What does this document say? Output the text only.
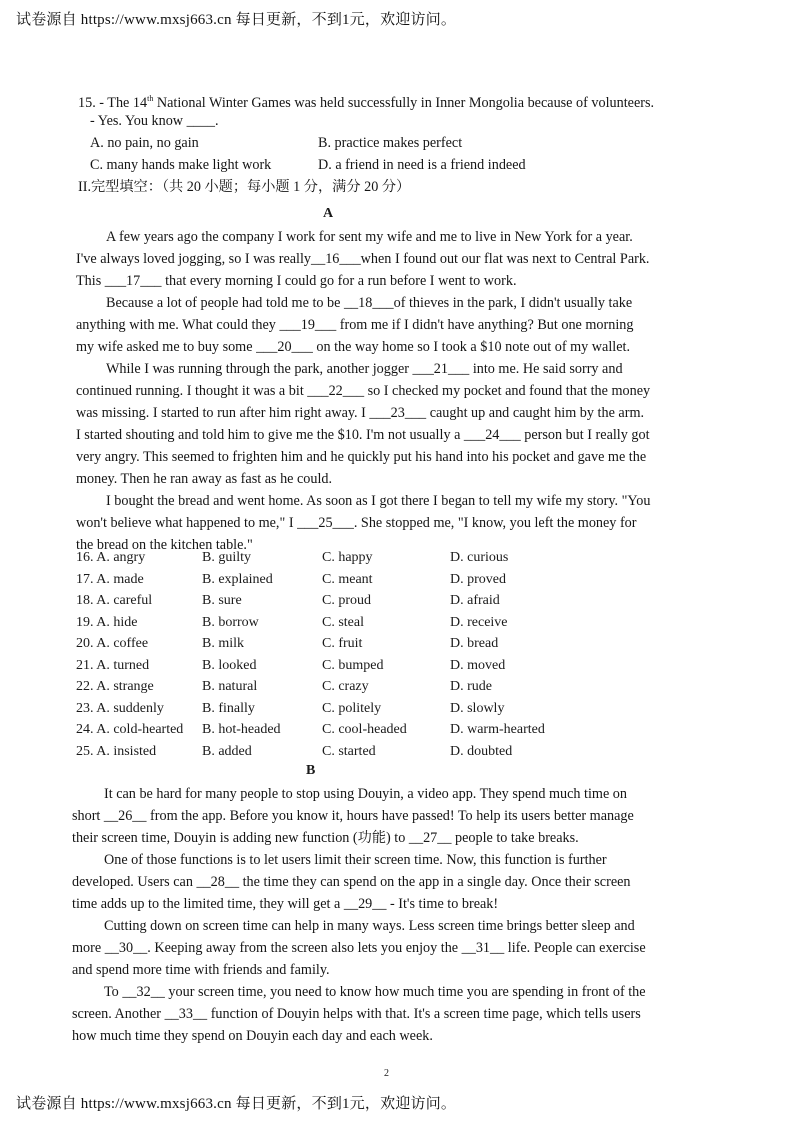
试卷源自 https://www.mxsj663.cn 每日更新，不到1元，欢迎访问。
15. - The 14th National Winter Games was held successfully in Inner Mongolia because of volunteers.
- Yes. You know ____.
A. no pain, no gain	B. practice makes perfect
C. many hands make light work	D. a friend in need is a friend indeed
II.完型填空：（共 20 小题；每小题 1 分，满分 20 分）
A
A few years ago the company I work for sent my wife and me to live in New York for a year.
I've always loved jogging, so I was really__16___when I found out our flat was next to Central Park.
This ___17___ that every morning I could go for a run before I went to work.
Because a lot of people had told me to be __18___of thieves in the park, I didn't usually take
anything with me. What could they ___19___ from me if I didn't have anything? But one morning
my wife asked me to buy some ___20___ on the way home so I took a $10 note out of my wallet.
While I was running through the park, another jogger ___21___ into me. He said sorry and
continued running. I thought it was a bit ___22___ so I checked my pocket and found that the money
was missing. I started to run after him right away. I ___23___ caught up and caught him by the arm.
I started shouting and told him to give me the $10. I'm not usually a ___24___ person but I really got
very angry. This seemed to frighten him and he quickly put his hand into his pocket and gave me the
money. Then he ran away as fast as he could.
I bought the bread and went home. As soon as I got there I began to tell my wife my story. "You
won't believe what happened to me," I ___25___. She stopped me, "I know, you left the money for
the bread on the kitchen table."
16. A. angry	B. guilty	C. happy	D. curious
17. A. made	B. explained	C. meant	D. proved
18. A. careful	B. sure	C. proud	D. afraid
19. A. hide	B. borrow	C. steal	D. receive
20. A. coffee	B. milk	C. fruit	D. bread
21. A. turned	B. looked	C. bumped	D. moved
22. A. strange	B. natural	C. crazy	D. rude
23. A. suddenly	B. finally	C. politely	D. slowly
24. A. cold-hearted B. hot-headed	C. cool-headed	D. warm-hearted
25. A. insisted	B. added	C. started	D. doubted
B
It can be hard for many people to stop using Douyin, a video app. They spend much time on
short __26__ from the app. Before you know it, hours have passed! To help its users better manage
their screen time, Douyin is adding new function (功能) to __27__ people to take breaks.
One of those functions is to let users limit their screen time. Now, this function is further
developed. Users can __28__ the time they can spend on the app in a single day. Once their screen
time adds up to the limited time, they will get a __29__ - It's time to break!
Cutting down on screen time can help in many ways. Less screen time brings better sleep and
more __30__. Keeping away from the screen also lets you enjoy the __31__ life. People can exercise
and spend more time with friends and family.
To __32__ your screen time, you need to know how much time you are spending in front of the
screen. Another __33__ function of Douyin helps with that. It's a screen time page, which tells users
how much time they spend on Douyin each day and each week.
2
试卷源自 https://www.mxsj663.cn 每日更新，不到1元，欢迎访问。
